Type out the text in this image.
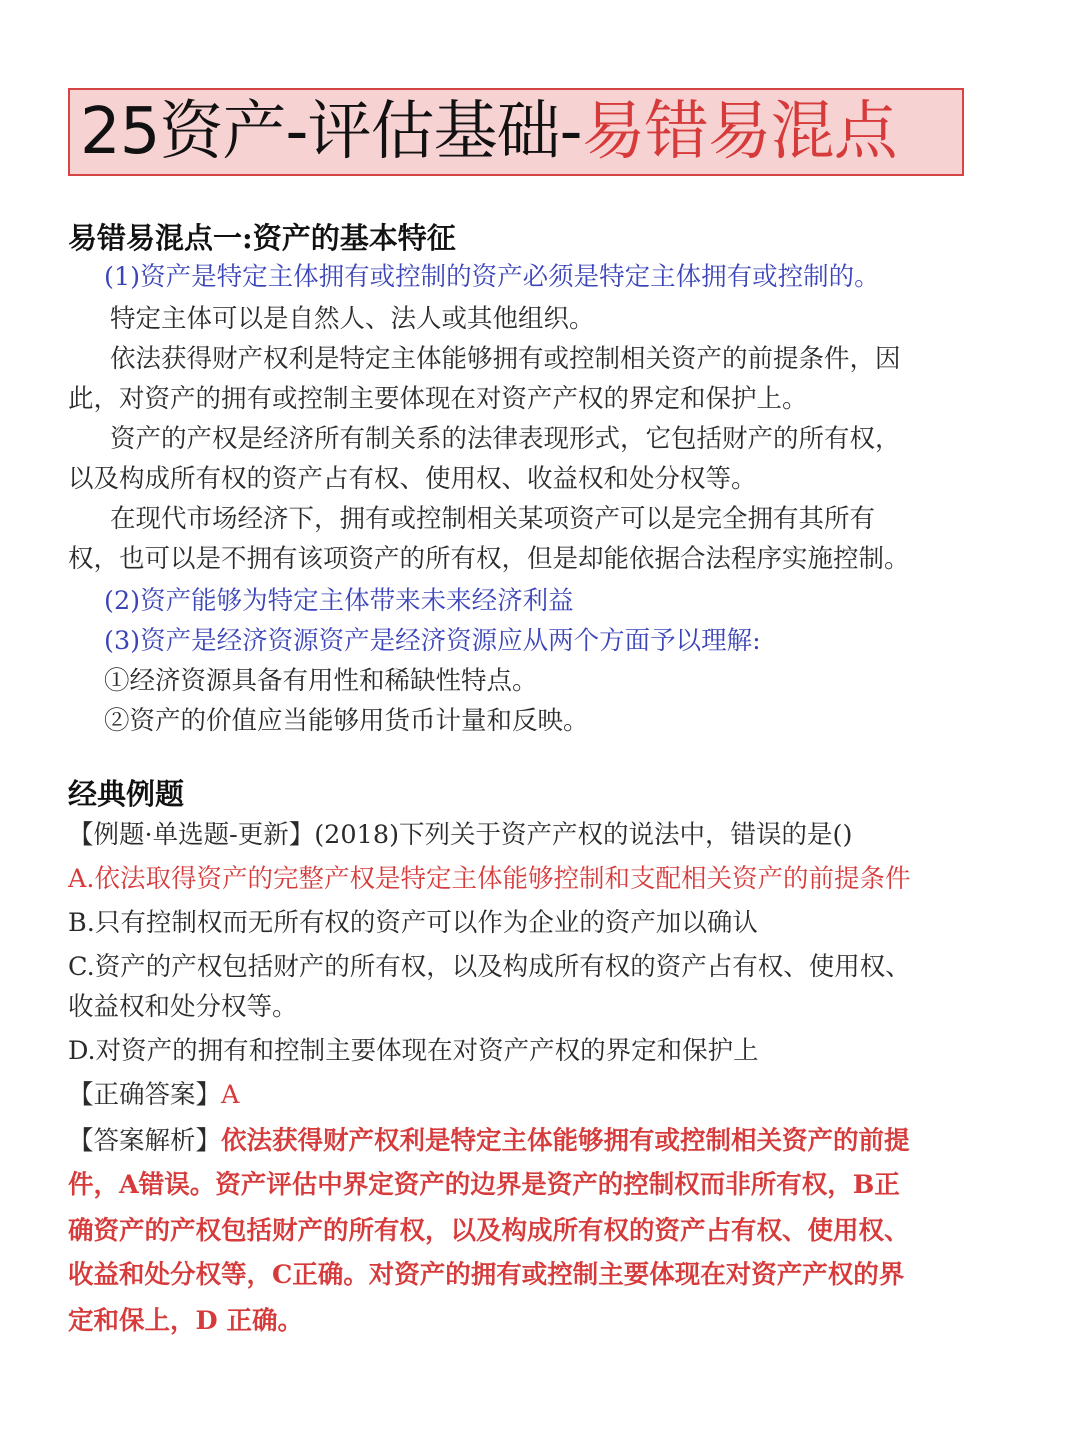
25资产-评估基础- 易错易混点
易错易混点一:资产的基本特征
(1)资产是特定主体拥有或控制的资产必须是特定主体拥有或控制的。
特定主体可以是自然人、法人或其他组织。
依法获得财产权利是特定主体能够拥有或控制相关资产的前提条件，因
此，对资产的拥有或控制主要体现在对资产产权的界定和保护上。
资产的产权是经济所有制关系的法律表现形式，它包括财产的所有权，
以及构成所有权的资产占有权、使用权、收益权和处分权等。
在现代市场经济下，拥有或控制相关某项资产可以是完全拥有其所有
权，也可以是不拥有该项资产的所有权，但是却能依据合法程序实施控制。
(2)资产能够为特定主体带来未来经济利益
(3)资产是经济资源资产是经济资源应从两个方面予以理解:
①经济资源具备有用性和稀缺性特点。
②资产的价值应当能够用货币计量和反映。
经典例题
【例题·单选题-更新】(2018)下列关于资产产权的说法中，错误的是()
A.依法取得资产的完整产权是特定主体能够控制和支配相关资产的前提条件
B.只有控制权而无所有权的资产可以作为企业的资产加以确认
C.资产的产权包括财产的所有权，以及构成所有权的资产占有权、使用权、
收益权和处分权等。
D.对资产的拥有和控制主要体现在对资产产权的界定和保护上
【正确答案】A
【答案解析】依法获得财产权利是特定主体能够拥有或控制相关资产的前提
件，A错误。资产评估中界定资产的边界是资产的控制权而非所有权，B正
确资产的产权包括财产的所有权，以及构成所有权的资产占有权、使用权、
收益和处分权等，C正确。对资产的拥有或控制主要体现在对资产产权的界
定和保上，D 正确。
